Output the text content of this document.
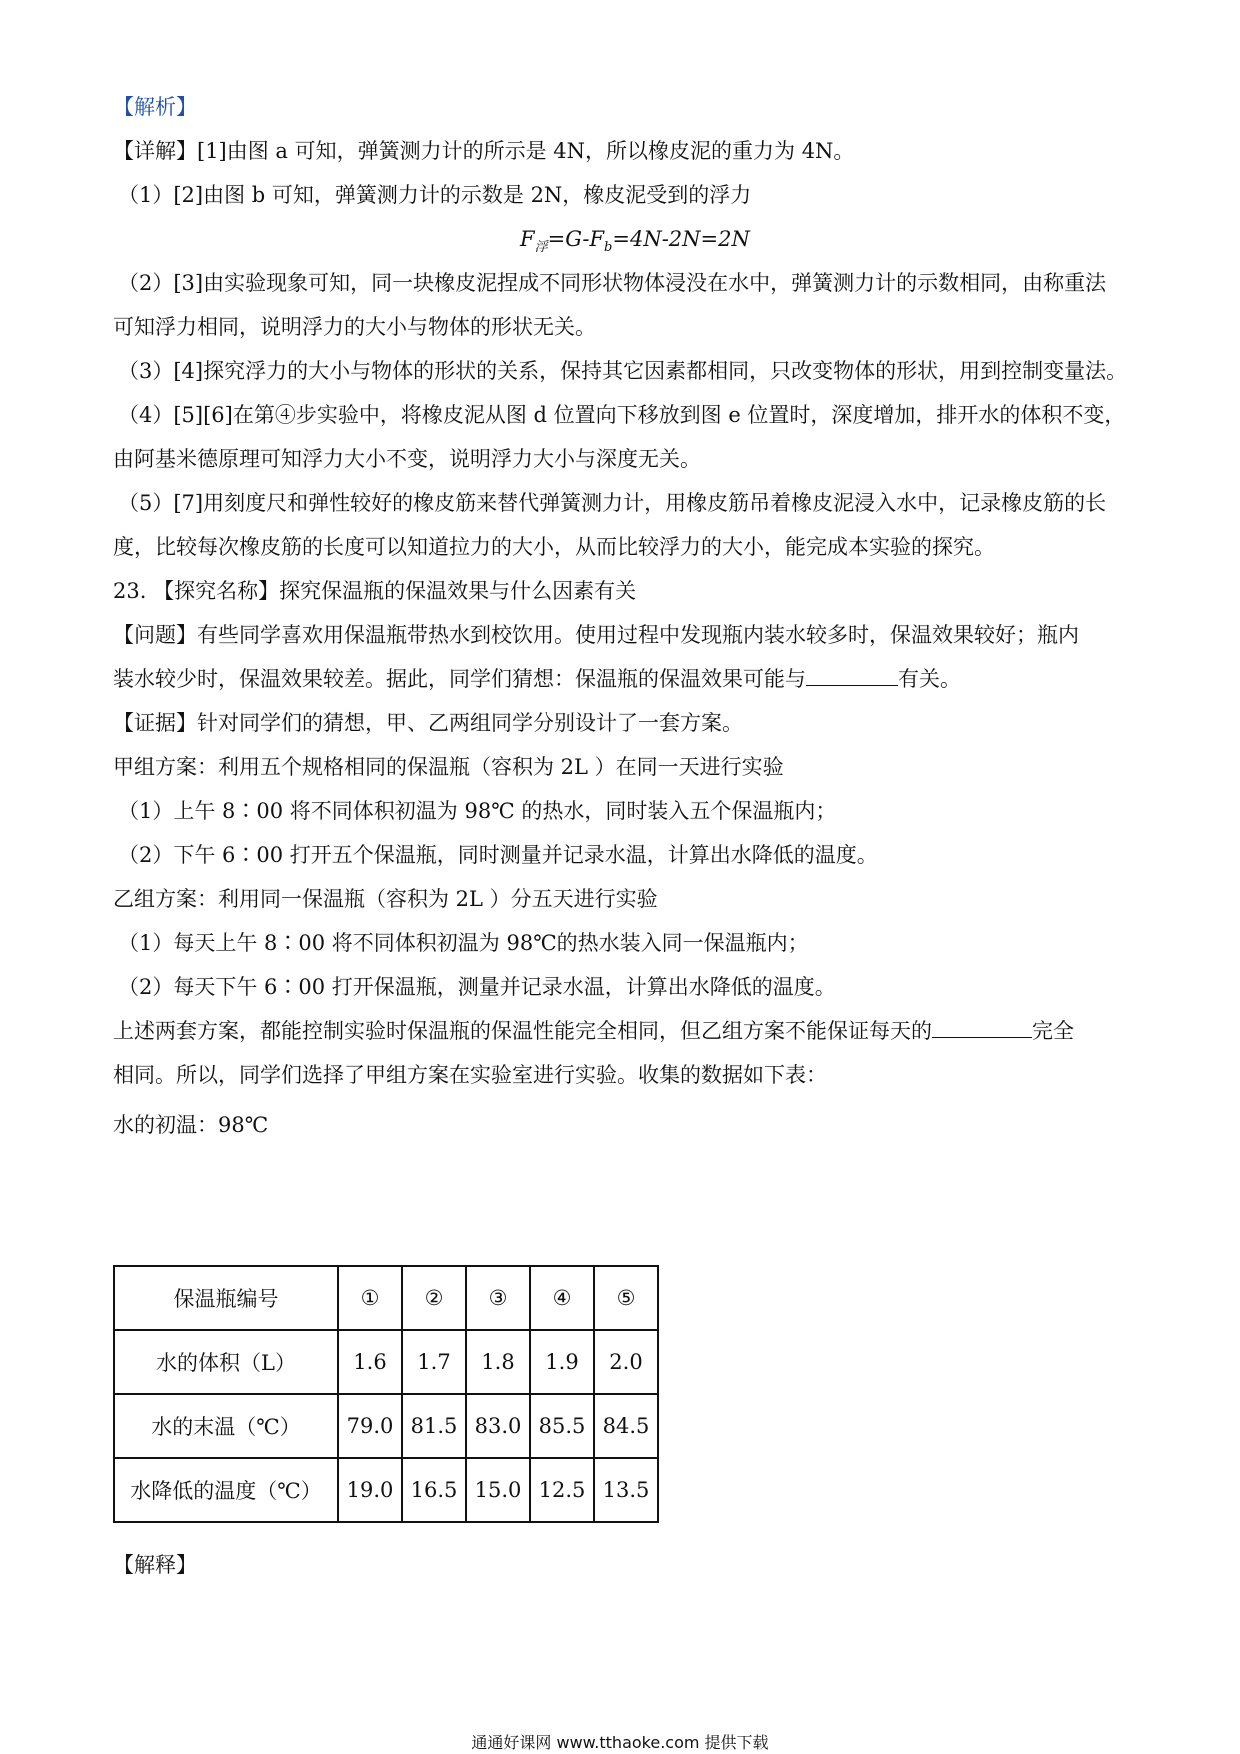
【解析】
【详解】[1]由图 a 可知，弹簧测力计的所示是 4N，所以橡皮泥的重力为 4N。
（1）[2]由图 b 可知，弹簧测力计的示数是 2N，橡皮泥受到的浮力
$F_浮=G-F_b=4N-2N=2N$
（2）[3]由实验现象可知，同一块橡皮泥捏成不同形状物体浸没在水中，弹簧测力计的示数相同，由称重法
可知浮力相同，说明浮力的大小与物体的形状无关。
（3）[4]探究浮力的大小与物体的形状的关系，保持其它因素都相同，只改变物体的形状，用到控制变量法。
（4）[5][6]在第④步实验中，将橡皮泥从图 d 位置向下移放到图 e 位置时，深度增加，排开水的体积不变，
由阿基米德原理可知浮力大小不变，说明浮力大小与深度无关。
（5）[7]用刻度尺和弹性较好的橡皮筋来替代弹簧测力计，用橡皮筋吊着橡皮泥浸入水中，记录橡皮筋的长
度，比较每次橡皮筋的长度可以知道拉力的大小，从而比较浮力的大小，能完成本实验的探究。
23. 【探究名称】探究保温瓶的保温效果与什么因素有关
【问题】有些同学喜欢用保温瓶带热水到校饮用。使用过程中发现瓶内装水较多时，保温效果较好；瓶内
装水较少时，保温效果较差。据此，同学们猜想：保温瓶的保温效果可能与	有关。
【证据】针对同学们的猜想，甲、乙两组同学分别设计了一套方案。
甲组方案：利用五个规格相同的保温瓶（容积为 2L ）在同一天进行实验
（1）上午 8∶00 将不同体积初温为 98℃ 的热水，同时装入五个保温瓶内；
（2）下午 6∶00 打开五个保温瓶，同时测量并记录水温，计算出水降低的温度。
乙组方案：利用同一保温瓶（容积为 2L ）分五天进行实验
（1）每天上午 8∶00 将不同体积初温为 98℃的热水装入同一保温瓶内；
（2）每天下午 6∶00 打开保温瓶，测量并记录水温，计算出水降低的温度。
上述两套方案，都能控制实验时保温瓶的保温性能完全相同，但乙组方案不能保证每天的	完全
相同。所以，同学们选择了甲组方案在实验室进行实验。收集的数据如下表：
水的初温：98℃
保温瓶编号	①	②	③	④	⑤
水的体积（L）	1.6	1.7	1.8	1.9	2.0
水的末温（℃）	79.0	81.5	83.0	85.5	84.5
水降低的温度（℃）	19.0	16.5	15.0	12.5	13.5
【解释】
通通好课网 www.tthaoke.com 提供下载
